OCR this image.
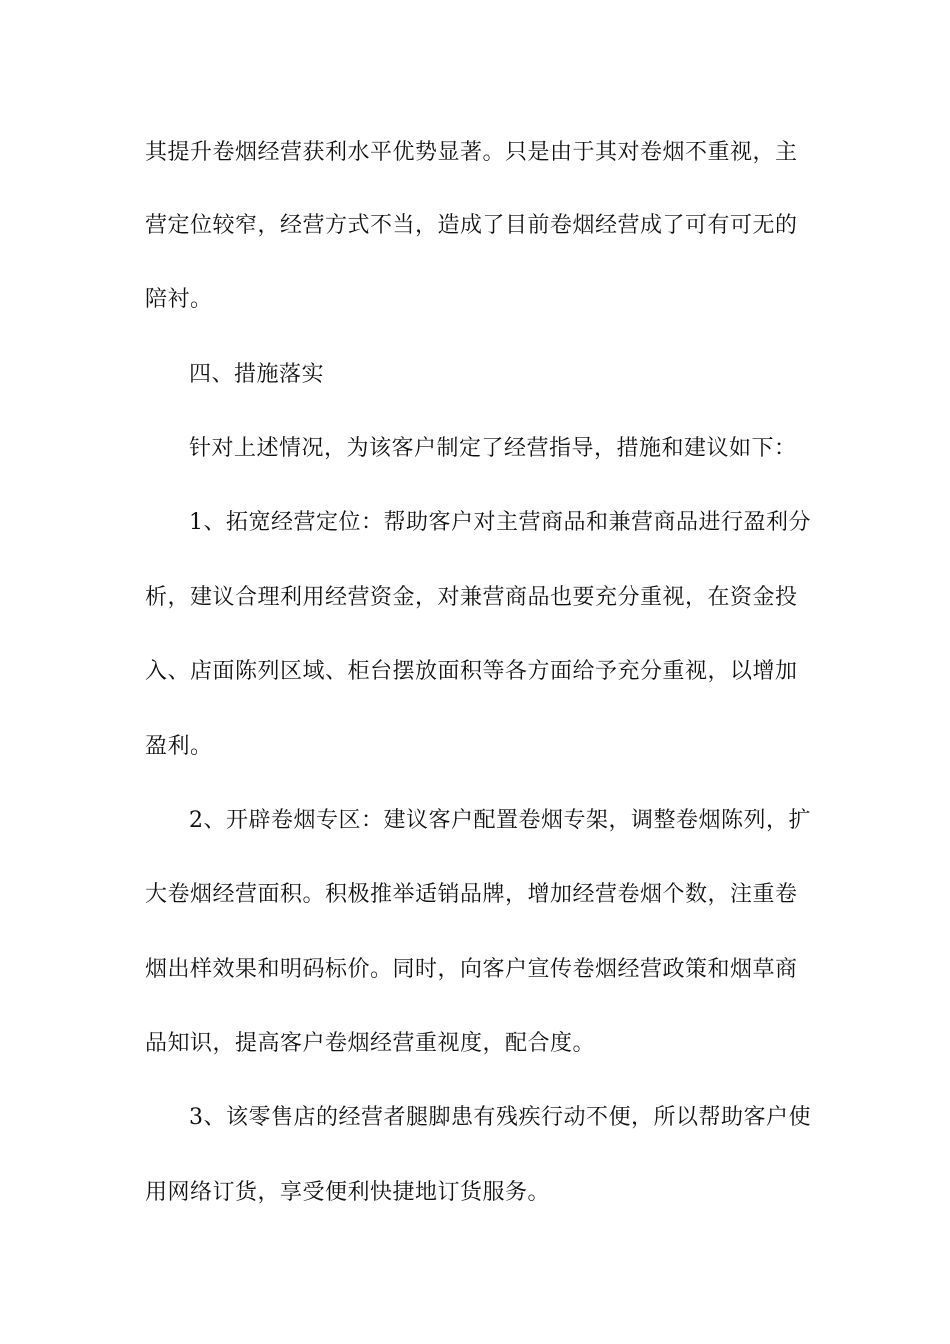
其提升卷烟经营获利水平优势显著。只是由于其对卷烟不重视，主
营定位较窄，经营方式不当，造成了目前卷烟经营成了可有可无的
陪衬。
四、措施落实
针对上述情况，为该客户制定了经营指导，措施和建议如下：
1、拓宽经营定位：帮助客户对主营商品和兼营商品进行盈利分
析，建议合理利用经营资金，对兼营商品也要充分重视，在资金投
入、店面陈列区域、柜台摆放面积等各方面给予充分重视，以增加
盈利。
2、开辟卷烟专区：建议客户配置卷烟专架，调整卷烟陈列，扩
大卷烟经营面积。积极推举适销品牌，增加经营卷烟个数，注重卷
烟出样效果和明码标价。同时，向客户宣传卷烟经营政策和烟草商
品知识，提高客户卷烟经营重视度，配合度。
3、该零售店的经营者腿脚患有残疾行动不便，所以帮助客户使
用网络订货，享受便利快捷地订货服务。
